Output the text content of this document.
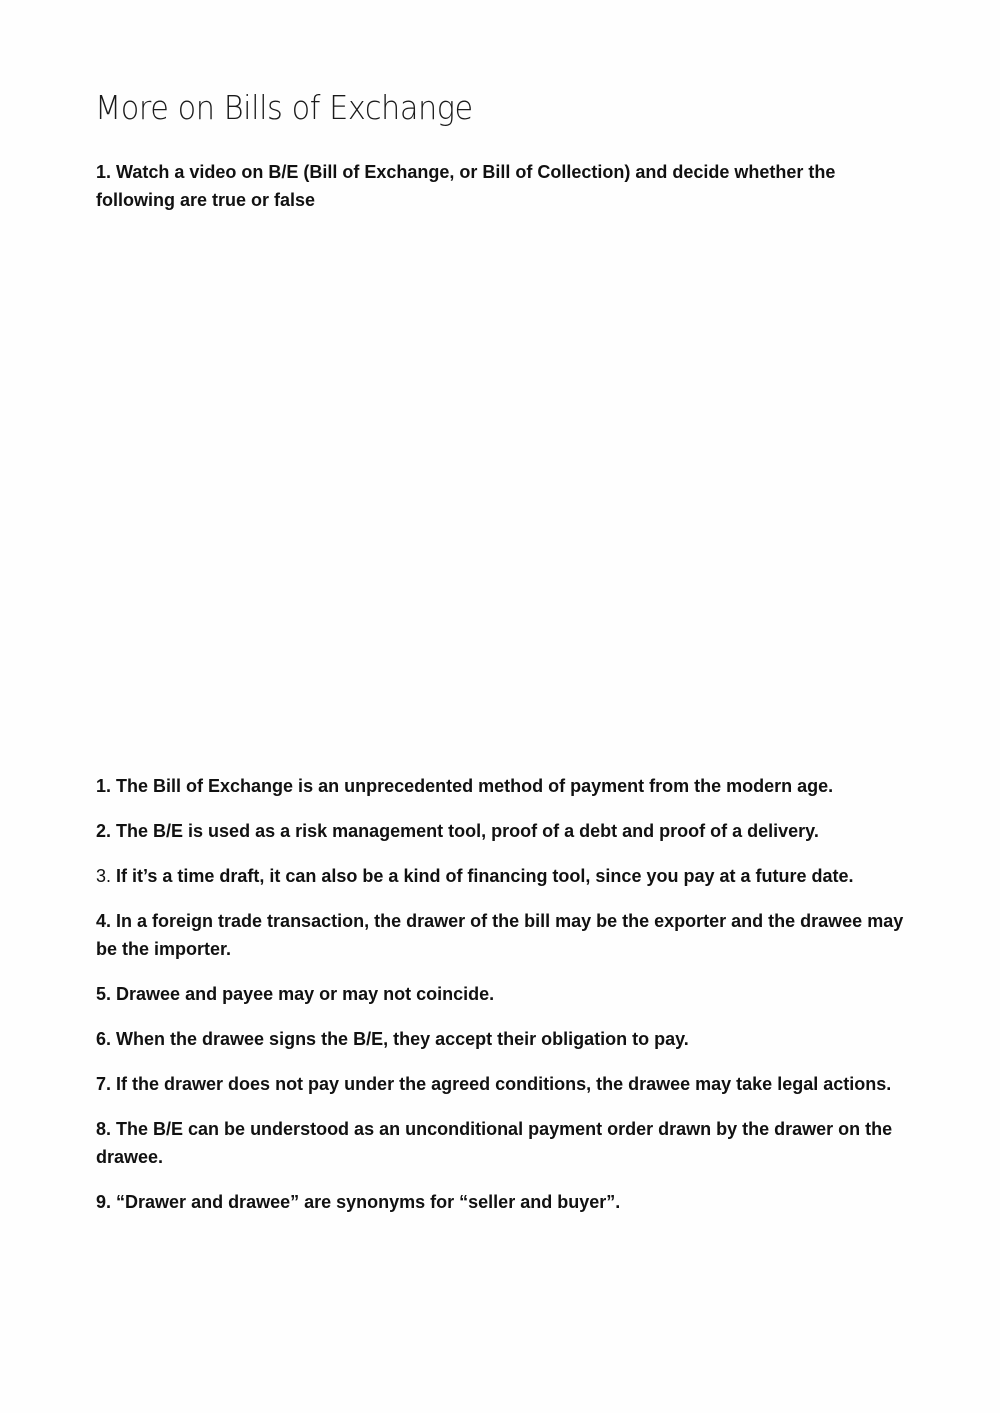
More on Bills of Exchange
1. Watch a video on B/E (Bill of Exchange, or Bill of Collection) and decide whether the following are true or false
1. The Bill of Exchange is an unprecedented method of payment from the modern age.
2. The B/E is used as a risk management tool, proof of a debt and proof of a delivery.
3. If it’s a time draft, it can also be a kind of financing tool, since you pay at a future date.
4. In a foreign trade transaction, the drawer of the bill may be the exporter and the drawee may be the importer.
5. Drawee and payee may or may not coincide.
6. When the drawee signs the B/E, they accept their obligation to pay.
7. If the drawer does not pay under the agreed conditions, the drawee may take legal actions.
8. The B/E can be understood as an unconditional payment order drawn by the drawer on the drawee.
9. “Drawer and drawee” are synonyms for “seller and buyer”.
